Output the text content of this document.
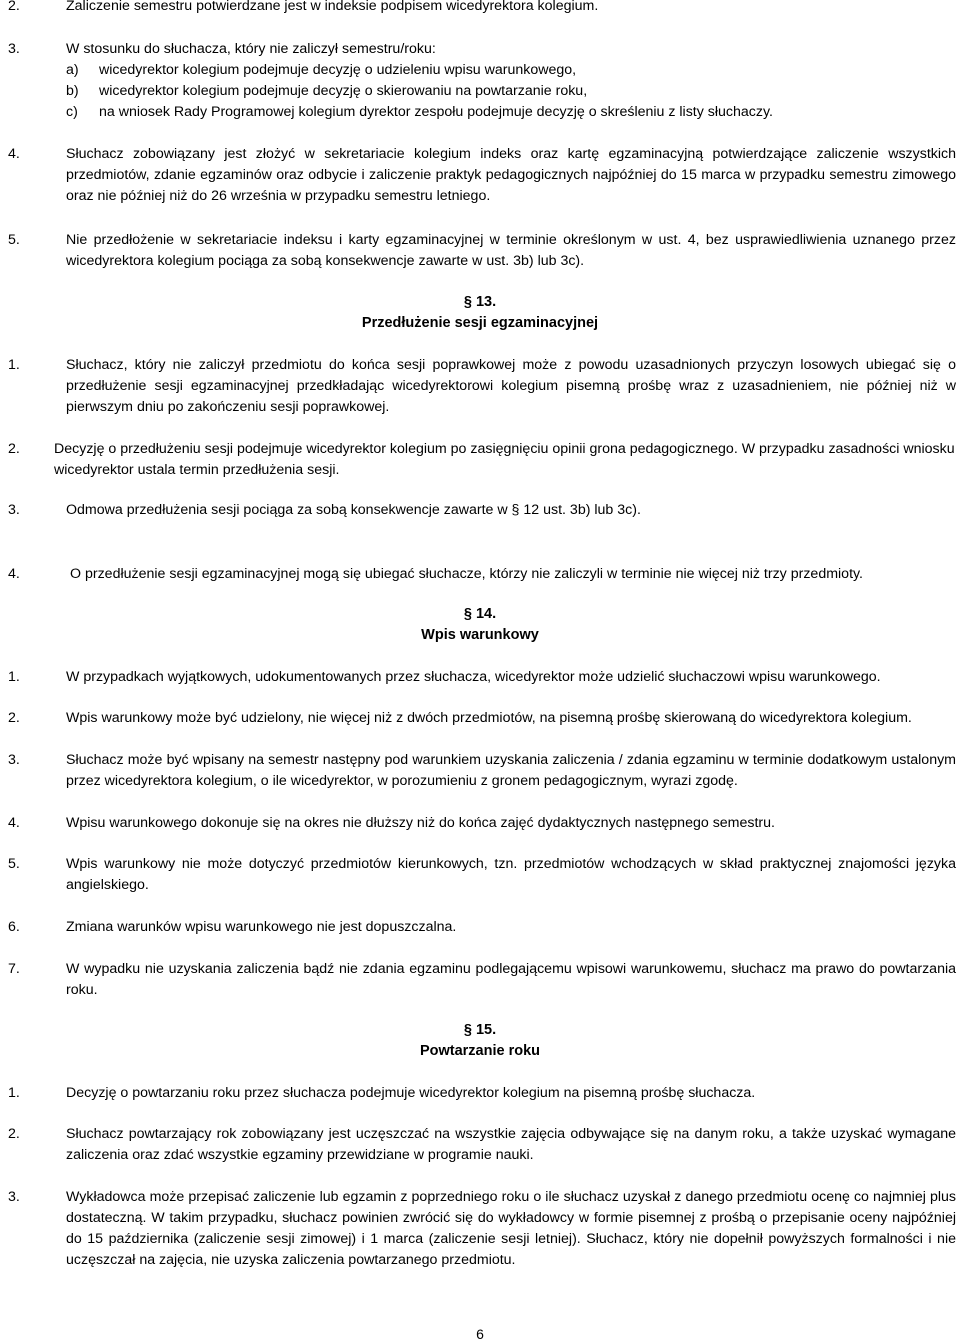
2.	Zaliczenie semestru potwierdzane jest w indeksie podpisem wicedyrektora kolegium.
3.	W stosunku do słuchacza, który nie zaliczył semestru/roku:
a)	wicedyrektor kolegium podejmuje decyzję o udzieleniu wpisu warunkowego,
b)	wicedyrektor kolegium podejmuje decyzję o skierowaniu na powtarzanie roku,
c)	na wniosek Rady Programowej kolegium dyrektor zespołu podejmuje decyzję o skreśleniu z listy słuchaczy.
4.	Słuchacz zobowiązany jest złożyć w sekretariacie kolegium indeks oraz kartę egzaminacyjną potwierdzające zaliczenie wszystkich przedmiotów, zdanie egzaminów oraz odbycie i zaliczenie praktyk pedagogicznych najpóźniej do 15 marca w przypadku semestru zimowego oraz nie później niż do 26 września w przypadku semestru letniego.
5.	Nie przedłożenie w sekretariacie indeksu i karty egzaminacyjnej w terminie określonym w ust. 4, bez usprawiedliwienia uznanego przez wicedyrektora kolegium pociąga za sobą konsekwencje zawarte w ust. 3b) lub 3c).
§ 13.
Przedłużenie sesji egzaminacyjnej
1.	Słuchacz, który nie zaliczył przedmiotu do końca sesji poprawkowej może z powodu uzasadnionych przyczyn losowych ubiegać się o przedłużenie sesji egzaminacyjnej przedkładając wicedyrektorowi kolegium pisemną prośbę wraz z uzasadnieniem, nie później niż w pierwszym dniu po zakończeniu sesji poprawkowej.
2. Decyzję o przedłużeniu sesji podejmuje wicedyrektor kolegium po zasięgnięciu opinii grona pedagogicznego. W przypadku zasadności wniosku wicedyrektor ustala termin przedłużenia sesji.
3.	Odmowa przedłużenia sesji pociąga za sobą konsekwencje zawarte w § 12 ust. 3b) lub 3c).
4.	O przedłużenie sesji egzaminacyjnej mogą się ubiegać słuchacze, którzy nie zaliczyli w terminie nie więcej niż trzy przedmioty.
§ 14.
Wpis warunkowy
1.	W przypadkach wyjątkowych, udokumentowanych przez słuchacza, wicedyrektor może udzielić słuchaczowi wpisu warunkowego.
2.	Wpis warunkowy może być udzielony, nie więcej niż z dwóch przedmiotów, na pisemną prośbę skierowaną do wicedyrektora kolegium.
3.	Słuchacz może być wpisany na semestr następny pod warunkiem uzyskania zaliczenia / zdania egzaminu w terminie dodatkowym ustalonym przez wicedyrektora kolegium, o ile wicedyrektor, w porozumieniu z gronem pedagogicznym, wyrazi zgodę.
4.	Wpisu warunkowego dokonuje się na okres nie dłuższy niż do końca zajęć dydaktycznych następnego semestru.
5.	Wpis warunkowy nie może dotyczyć przedmiotów kierunkowych, tzn. przedmiotów wchodzących w skład praktycznej znajomości języka angielskiego.
6.	Zmiana warunków wpisu warunkowego nie jest dopuszczalna.
7.	W wypadku nie uzyskania zaliczenia bądź nie zdania egzaminu podlegającemu wpisowi warunkowemu, słuchacz ma prawo do powtarzania roku.
§ 15.
Powtarzanie roku
1.	Decyzję o powtarzaniu roku przez słuchacza podejmuje wicedyrektor kolegium na pisemną prośbę słuchacza.
2.	Słuchacz powtarzający rok zobowiązany jest uczęszczać na wszystkie zajęcia odbywające się na danym roku, a także uzyskać wymagane zaliczenia oraz zdać wszystkie egzaminy przewidziane w programie nauki.
3.	Wykładowca może przepisać zaliczenie lub egzamin z poprzedniego roku o ile słuchacz uzyskał z danego przedmiotu ocenę co najmniej plus dostateczną. W takim przypadku, słuchacz powinien zwrócić się do wykładowcy w formie pisemnej z prośbą o przepisanie oceny najpóźniej do 15 października (zaliczenie sesji zimowej) i 1 marca (zaliczenie sesji letniej). Słuchacz, który nie dopełnił powyższych formalności i nie uczęszczał na zajęcia, nie uzyska zaliczenia powtarzanego przedmiotu.
6
